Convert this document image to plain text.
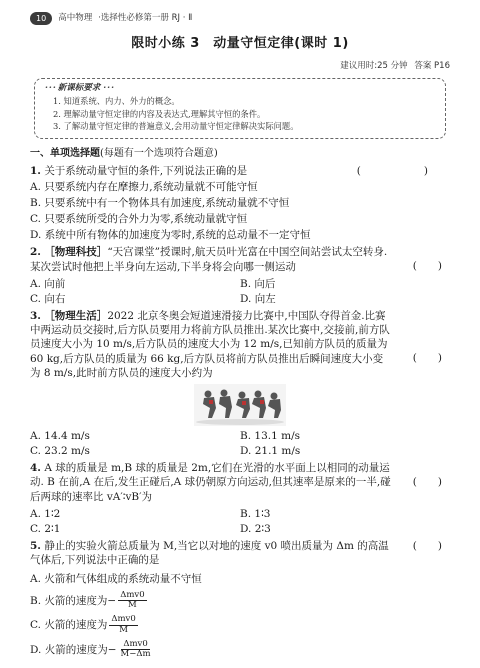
10	高中物理 ·选择性必修第一册 RJ · Ⅱ
限时小练 3　动量守恒定律(课时 1)
建议用时:25 分钟 答案 P16
· · · 新课标要求 · · ·
1. 知道系统、内力、外力的概念。
2. 理解动量守恒定律的内容及表达式,理解其守恒的条件。
3. 了解动量守恒定律的普遍意义,会用动量守恒定律解决实际问题。
一、单项选择题(每题有一个选项符合题意)
1. 关于系统动量守恒的条件,下列说法正确的是	(　　)
A. 只要系统内存在摩擦力,系统动量就不可能守恒
B. 只要系统中有一个物体具有加速度,系统动量就不守恒
C. 只要系统所受的合外力为零,系统动量就守恒
D. 系统中所有物体的加速度为零时,系统的总动量不一定守恒
2. ［物理科技］“天宫课堂”授课时,航天员叶光富在中国空间站尝试太空转身.某次尝试时他把上半身向左运动,下半身将会向哪一侧运动	(　　)
A. 向前	B. 向后
C. 向右	D. 向左
3. ［物理生活］2022 北京冬奥会短道速滑接力比赛中,中国队夺得首金.比赛中两运动员交接时,后方队员要用力将前方队员推出.某次比赛中,交接前,前方队员速度大小为 10 m/s,后方队员的速度大小为 12 m/s,已知前方队员的质量为 60 kg,后方队员的质量为 66 kg,后方队员将前方队员推出后瞬间速度大小变为 8 m/s,此时前方队员的速度大小约为
(　　)
A. 14.4 m/s	B. 13.1 m/s
C. 23.2 m/s	D. 21.1 m/s
4. A 球的质量是 m,B 球的质量是 2m,它们在光滑的水平面上以相同的动量运动. B 在前,A 在后,发生正碰后,A 球仍朝原方向运动,但其速率是原来的一半,碰后两球的速率比 vA′∶vB′为
(　　)
A. 1∶2	B. 1∶3
C. 2∶1	D. 2∶3
5. 静止的实验火箭总质量为 M,当它以对地的速度 v0 喷出质量为 Δm 的高温气体后,下列说法中正确的是
(　　)
A. 火箭和气体组成的系统动量不守恒
B. 火箭的速度为− $\frac{\text{Δmv0}}{M}$
C. 火箭的速度为 $\frac{\text{Δmv0}}{M}$
D. 火箭的速度为− $\frac{\text{Δmv0}}{M-\Delta m}$
